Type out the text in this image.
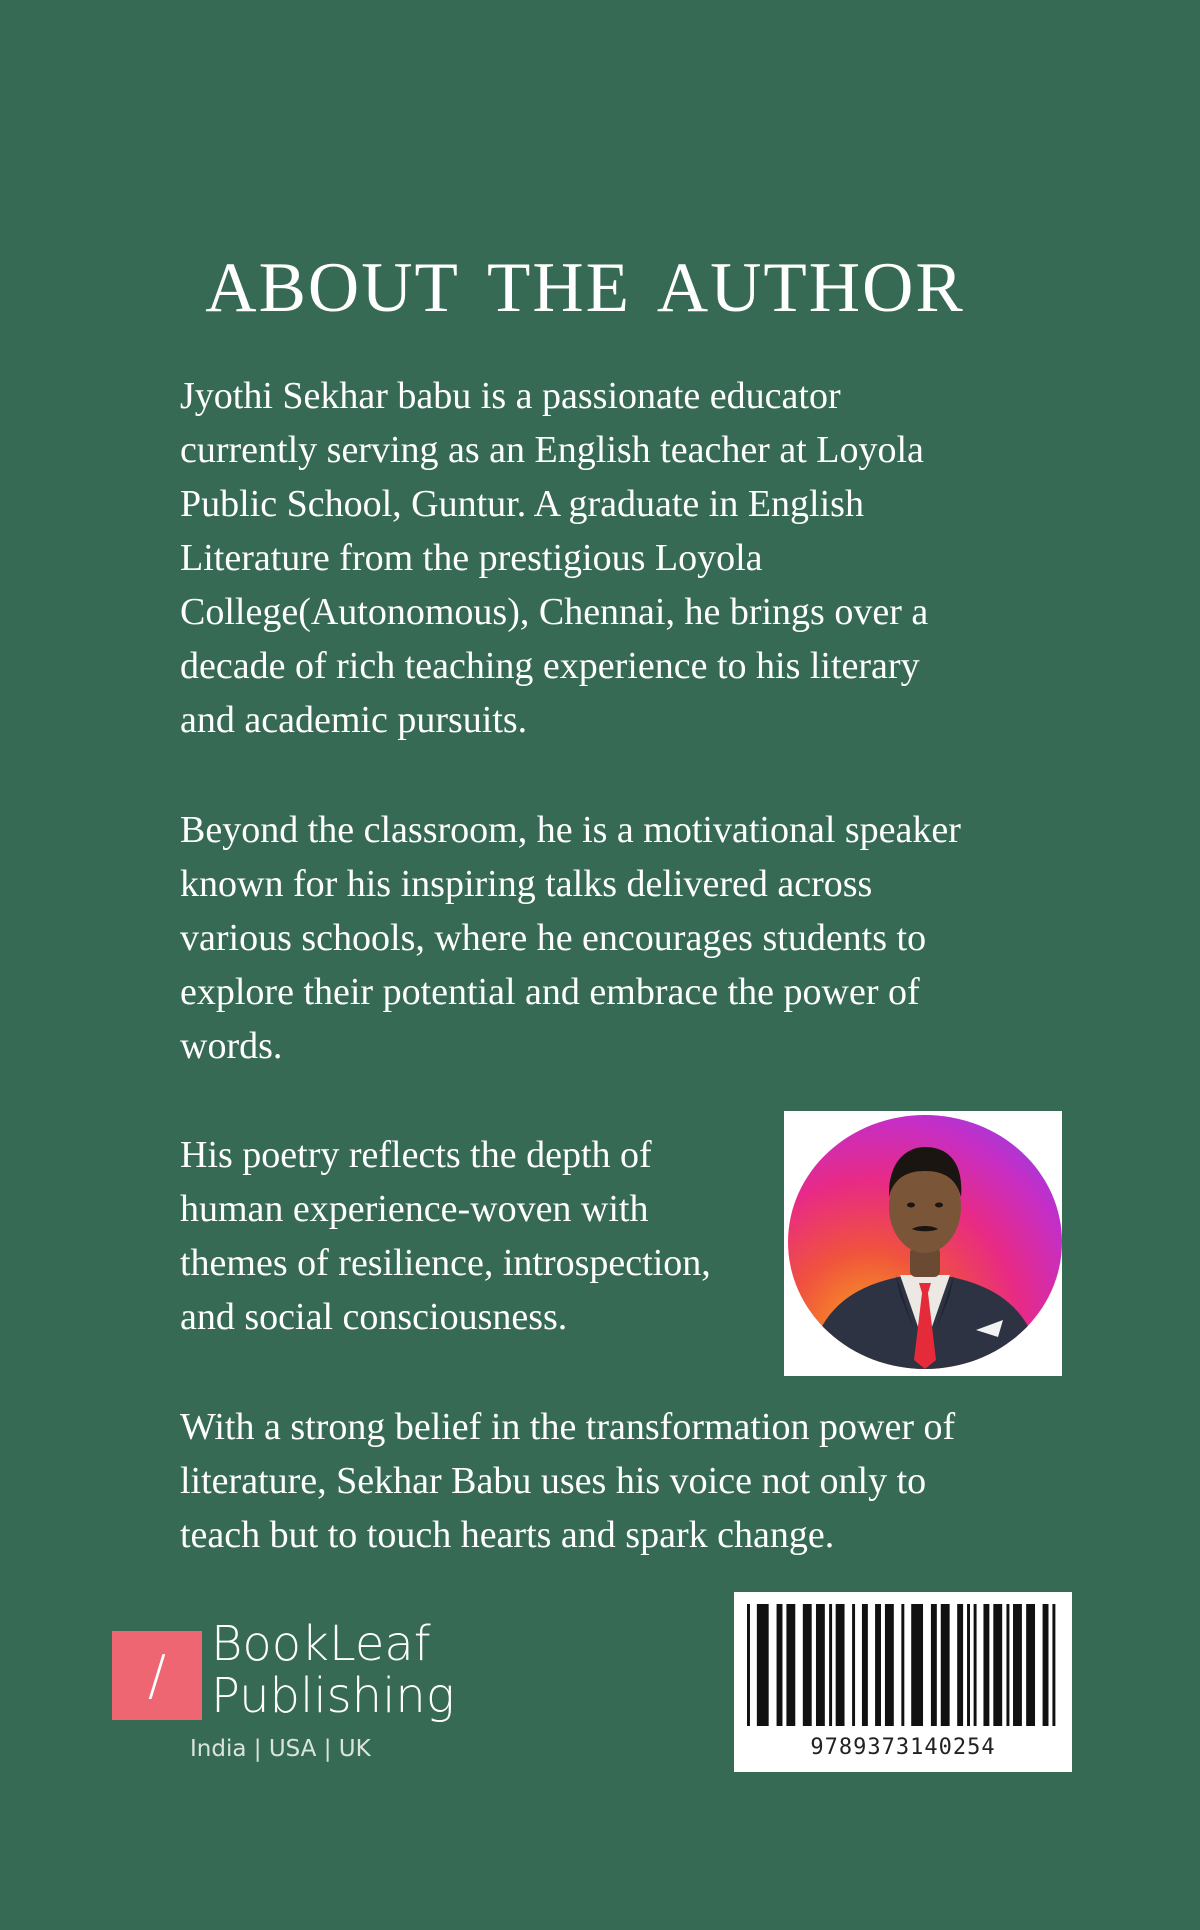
ABOUT THE AUTHOR

Jyothi Sekhar babu is a passionate educator
currently serving as an English teacher at Loyola
Public School, Guntur. A graduate in English
Literature from the prestigious Loyola
College(Autonomous), Chennai, he brings over a
decade of rich teaching experience to his literary
and academic pursuits.

Beyond the classroom, he is a motivational speaker
known for his inspiring talks delivered across
various schools, where he encourages students to
explore their potential and embrace the power of
words.

His poetry reflects the depth of
human experience-woven with
themes of resilience, introspection,
and social consciousness.

With a strong belief in the transformation power of
literature, Sekhar Babu uses his voice not only to
teach but to touch hearts and spark change.

/ BookLeaf
Publishing
India | USA | UK	9789373140254
